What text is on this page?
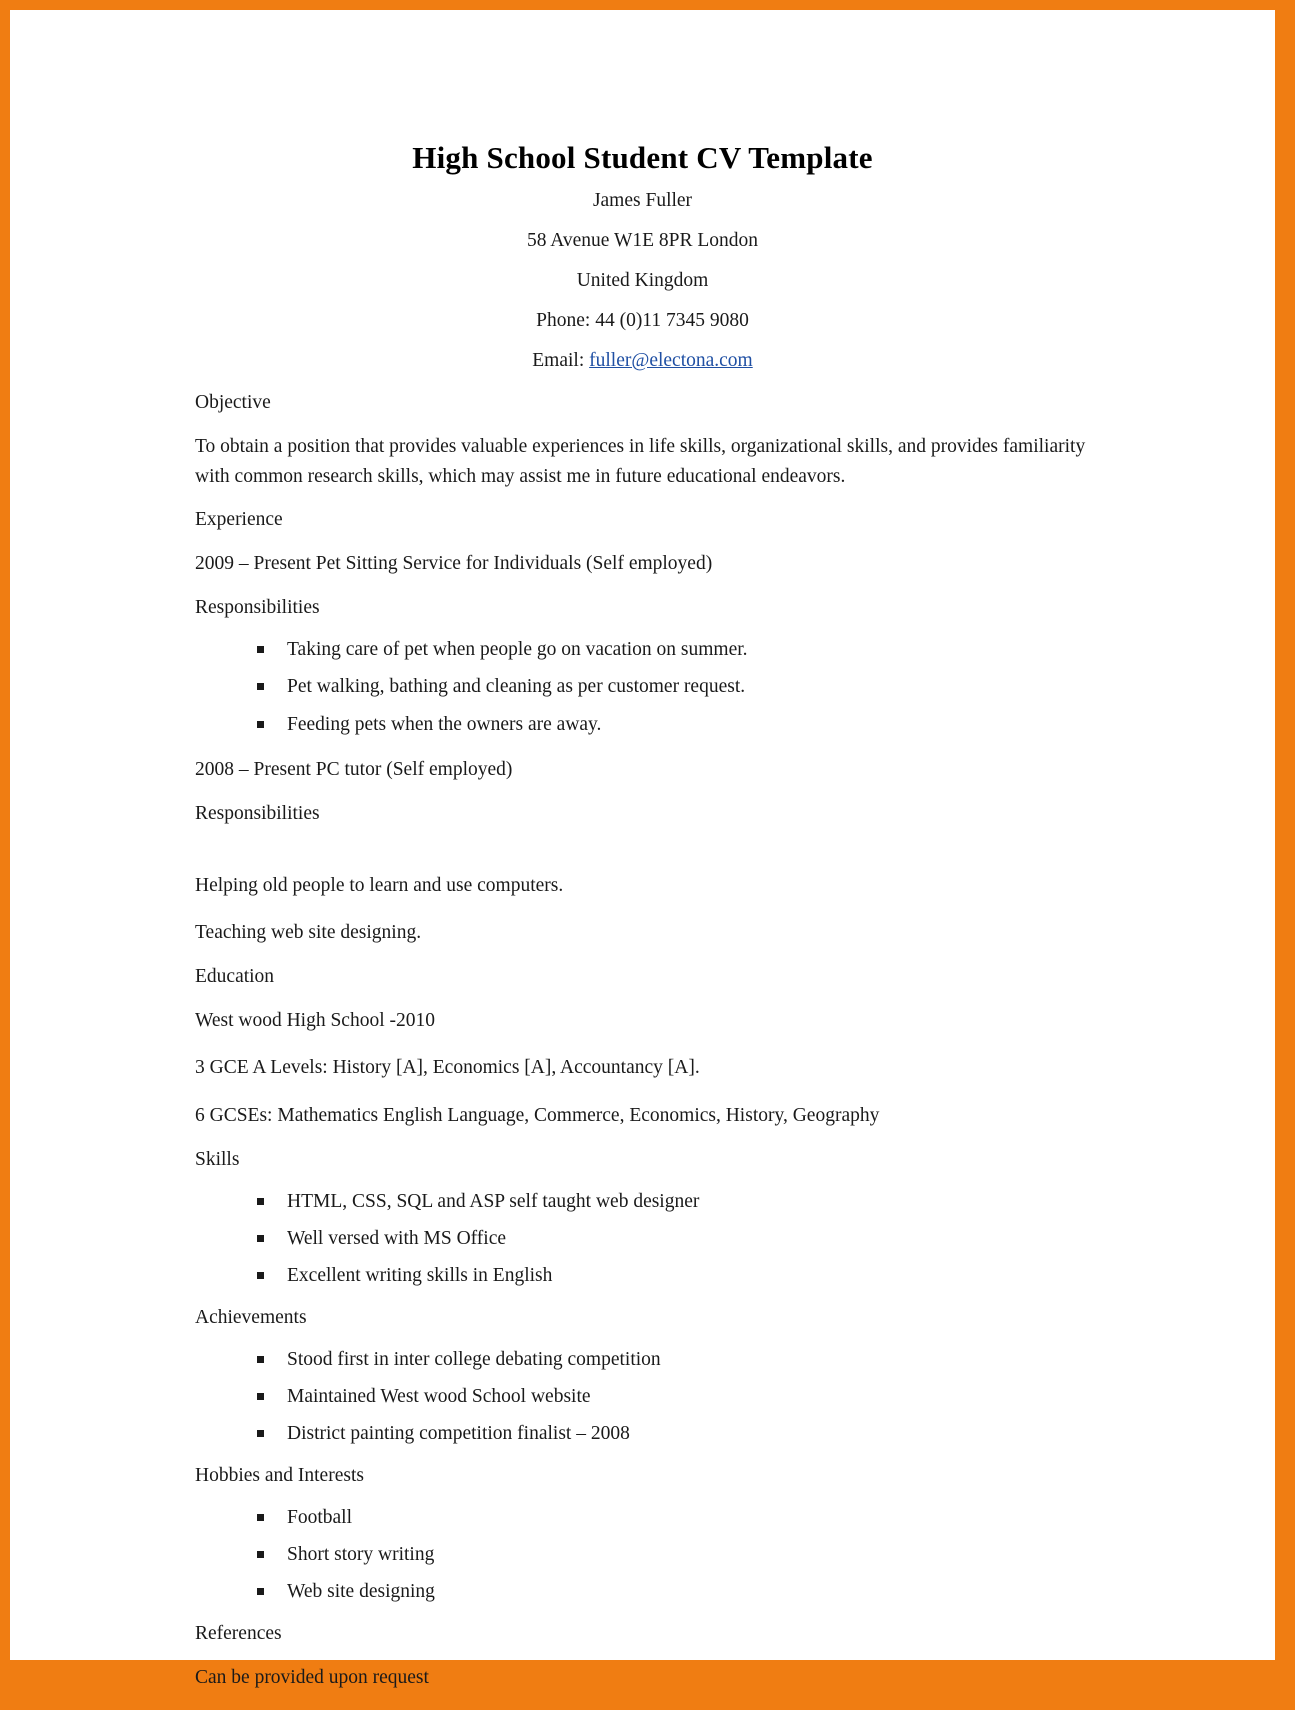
High School Student CV Template
James Fuller
58 Avenue W1E 8PR London
United Kingdom
Phone: 44 (0)11 7345 9080
Email: fuller@electona.com
Objective

To obtain a position that provides valuable experiences in life skills, organizational skills, and provides familiarity with common research skills, which may assist me in future educational endeavors.

Experience
2009 – Present Pet Sitting Service for Individuals (Self employed)
Responsibilities
Taking care of pet when people go on vacation on summer.
Pet walking, bathing and cleaning as per customer request.
Feeding pets when the owners are away.
2008 – Present PC tutor (Self employed)
Responsibilities
Helping old people to learn and use computers.
Teaching web site designing.
Education
West wood High School -2010
3 GCE A Levels: History [A], Economics [A], Accountancy [A].
6 GCSEs: Mathematics English Language, Commerce, Economics, History, Geography
Skills
HTML, CSS, SQL and ASP self taught web designer
Well versed with MS Office
Excellent writing skills in English
Achievements
Stood first in inter college debating competition
Maintained West wood School website
District painting competition finalist – 2008
Hobbies and Interests
Football
Short story writing
Web site designing
References
Can be provided upon request
